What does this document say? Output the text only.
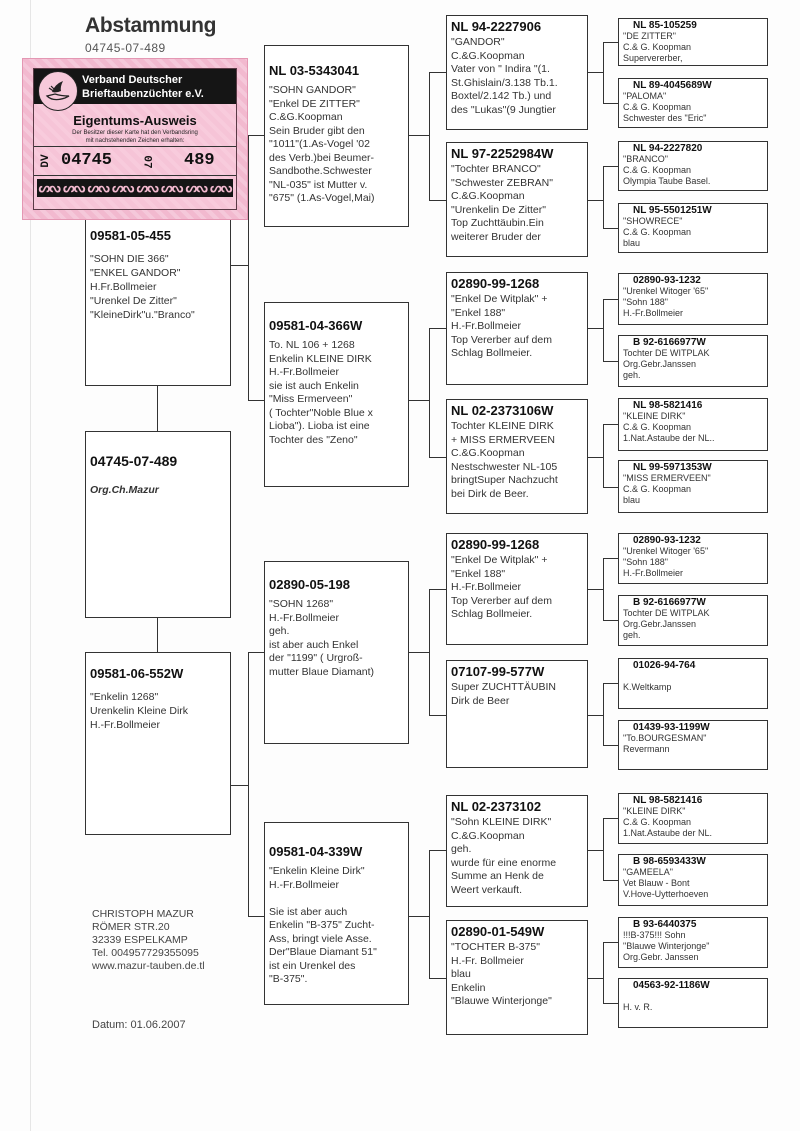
Abstammung
04745-07-489
09581-05-455
"SOHN DIE 366"
"ENKEL GANDOR"
H.Fr.Bollmeier
"Urenkel De Zitter"
"KleineDirk"u."Branco"
04745-07-489
Org.Ch.Mazur
09581-06-552W
"Enkelin 1268"
Urenkelin Kleine Dirk
H.-Fr.Bollmeier
NL 03-5343041
"SOHN GANDOR"
"Enkel DE ZITTER"
C.&G.Koopman
Sein Bruder gibt den
"1011"(1.As-Vogel '02
des Verb.)bei Beumer-
Sandbothe.Schwester
"NL-035" ist Mutter v.
"675" (1.As-Vogel,Mai)
09581-04-366W
To. NL 106 + 1268
Enkelin KLEINE DIRK
H.-Fr.Bollmeier
sie ist auch Enkelin
"Miss Ermerveen"
( Tochter"Noble Blue x
Lioba"). Lioba ist eine
Tochter des "Zeno"
02890-05-198
"SOHN 1268"
H.-Fr.Bollmeier
geh.
ist aber auch Enkel
der "1199" ( Urgroß-
mutter Blaue Diamant)
09581-04-339W
"Enkelin Kleine Dirk"
H.-Fr.Bollmeier

Sie ist aber auch
Enkelin "B-375" Zucht-
Ass, bringt viele Asse.
Der"Blaue Diamant 51"
ist ein Urenkel des
"B-375".
NL 94-2227906
"GANDOR"
C.&G.Koopman
Vater von " Indira "(1.
St.Ghislain/3.138 Tb.1.
Boxtel/2.142 Tb.) und
des "Lukas"(9 Jungtier
NL 97-2252984W
"Tochter BRANCO"
"Schwester ZEBRAN"
C.&G.Koopman
"Urenkelin De Zitter"
Top Zuchttäubin.Ein
weiterer Bruder der
02890-99-1268
"Enkel De Witplak" +
"Enkel 188"
H.-Fr.Bollmeier
Top Vererber auf dem
Schlag Bollmeier.
NL 02-2373106W
Tochter KLEINE DIRK
+ MISS ERMERVEEN
C.&G.Koopman
Nestschwester NL-105
bringtSuper Nachzucht
bei Dirk de Beer.
02890-99-1268
"Enkel De Witplak" +
"Enkel 188"
H.-Fr.Bollmeier
Top Vererber auf dem
Schlag Bollmeier.
07107-99-577W
Super ZUCHTTÄUBIN
Dirk de Beer
NL 02-2373102
"Sohn KLEINE DIRK"
C.&G.Koopman
geh.
wurde für eine enorme
Summe an Henk de
Weert verkauft.
02890-01-549W
"TOCHTER B-375"
H.-Fr. Bollmeier
blau
Enkelin
"Blauwe Winterjonge"
NL 85-105259
"DE ZITTER"
C.& G. Koopman
Supervererber,
NL 89-4045689W
"PALOMA"
C.& G. Koopman
Schwester des "Eric"
NL 94-2227820
"BRANCO"
C.& G. Koopman
Olympia Taube Basel.
NL 95-5501251W
"SHOWRECE"
C.& G. Koopman
blau
02890-93-1232
"Urenkel Witoger '65"
"Sohn 188"
H.-Fr.Bollmeier
B 92-6166977W
Tochter DE WITPLAK
Org.Gebr.Janssen
geh.
NL 98-5821416
"KLEINE DIRK"
C.& G. Koopman
1.Nat.Astaube der NL..
NL 99-5971353W
"MISS ERMERVEEN"
C.& G. Koopman
blau
02890-93-1232
"Urenkel Witoger '65"
"Sohn 188"
H.-Fr.Bollmeier
B 92-6166977W
Tochter DE WITPLAK
Org.Gebr.Janssen
geh.
01026-94-764

K.Weltkamp
01439-93-1199W
"To.BOURGESMAN"
Revermann
NL 98-5821416
"KLEINE DIRK"
C.& G. Koopman
1.Nat.Astaube der NL.
B 98-6593433W
"GAMEELA"
Vet Blauw - Bont
V.Hove-Uytterhoeven
B 93-6440375
!!!B-375!!! Sohn
"Blauwe Winterjonge"
Org.Gebr. Janssen
04563-92-1186W

H. v. R.
Verband Deutscher
Brieftaubenzüchter e.V.
Eigentums-Ausweis
Der Besitzer dieser Karte hat den Verbandsring
mit nachstehenden Zeichen erhalten:
DV 04745	07 489
ᔕᔓ ᔕᔓ ᔕᔓ ᔕᔓ ᔕᔓ ᔕᔓ ᔕᔓ ᔕᔓ
CHRISTOPH MAZUR
RÖMER STR.20
32339 ESPELKAMP
Tel. 004957729355095
www.mazur-tauben.de.tl
Datum: 01.06.2007
